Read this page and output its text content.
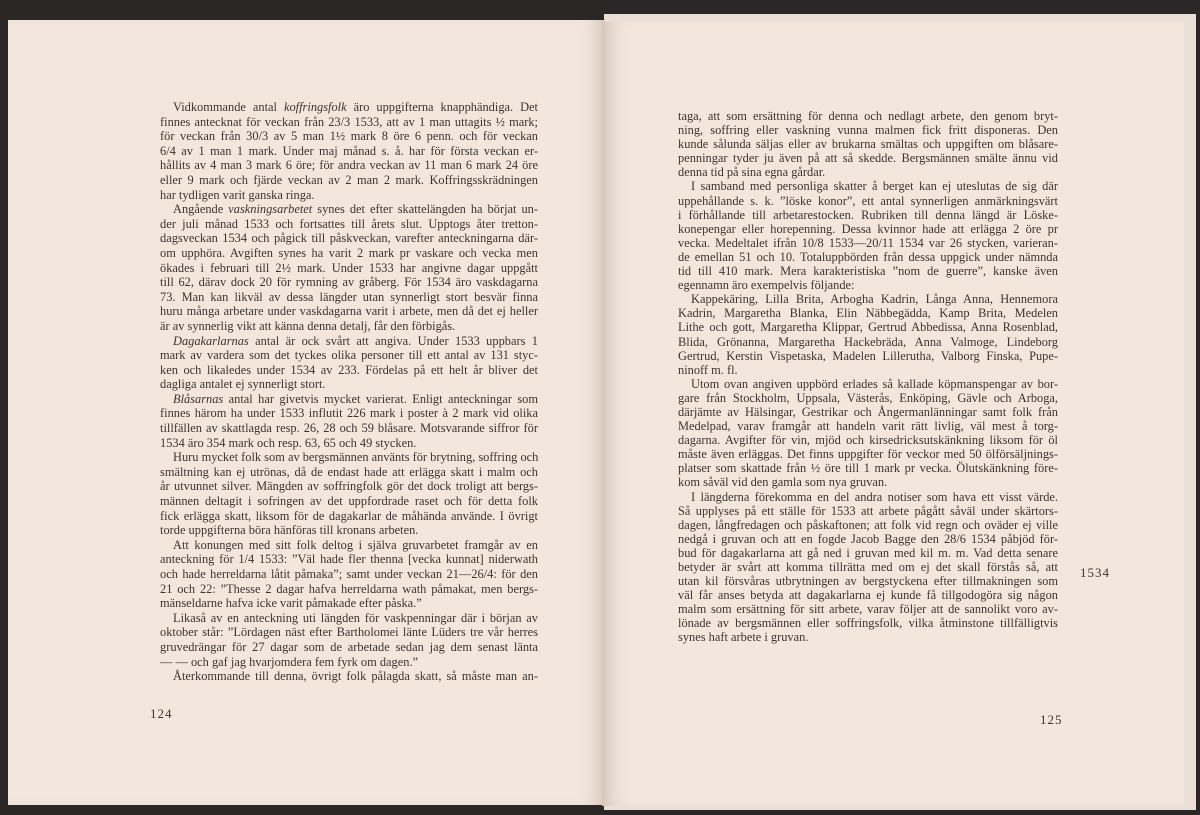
Vidkommande antal koffringsfolk äro uppgifterna knapphändiga. Det
finnes antecknat för veckan från 23/3 1533, att av 1 man uttagits ½ mark;
för veckan från 30/3 av 5 man 1½ mark 8 öre 6 penn. och för veckan
6/4 av 1 man 1 mark. Under maj månad s. å. har för första veckan er-
hållits av 4 man 3 mark 6 öre; för andra veckan av 11 man 6 mark 24 öre
eller 9 mark och fjärde veckan av 2 man 2 mark. Koffringsskrädningen
har tydligen varit ganska ringa.
Angående vaskningsarbetet synes det efter skattelängden ha börjat un-
der juli månad 1533 och fortsattes till årets slut. Upptogs åter tretton-
dagsveckan 1534 och pågick till påskveckan, varefter anteckningarna där-
om upphöra. Avgiften synes ha varit 2 mark pr vaskare och vecka men
ökades i februari till 2½ mark. Under 1533 har angivne dagar uppgått
till 62, därav dock 20 för rymning av gråberg. För 1534 äro vaskdagarna
73. Man kan likväl av dessa längder utan synnerligt stort besvär finna
huru många arbetare under vaskdagarna varit i arbete, men då det ej heller
är av synnerlig vikt att känna denna detalj, får den förbigås.
Dagakarlarnas antal är ock svårt att angiva. Under 1533 uppbars 1
mark av vardera som det tyckes olika personer till ett antal av 131 styc-
ken och likaledes under 1534 av 233. Fördelas på ett helt år bliver det
dagliga antalet ej synnerligt stort.
Blåsarnas antal har givetvis mycket varierat. Enligt anteckningar som
finnes härom ha under 1533 influtit 226 mark i poster à 2 mark vid olika
tillfällen av skattlagda resp. 26, 28 och 59 blåsare. Motsvarande siffror för
1534 äro 354 mark och resp. 63, 65 och 49 stycken.
Huru mycket folk som av bergsmännen använts för brytning, soffring och
smältning kan ej utrönas, då de endast hade att erlägga skatt i malm och
år utvunnet silver. Mängden av soffringfolk gör det dock troligt att bergs-
männen deltagit i sofringen av det uppfordrade raset och för detta folk
fick erlägga skatt, liksom för de dagakarlar de måhända använde. I övrigt
torde uppgifterna böra hänföras till kronans arbeten.
Att konungen med sitt folk deltog i själva gruvarbetet framgår av en
anteckning för 1/4 1533: ”Väl hade fler thenna [vecka kunnat] niderwath
och hade herreldarna låtit påmaka”; samt under veckan 21—26/4: för den
21 och 22: ”Thesse 2 dagar hafva herreldarna wath påmakat, men bergs-
mänseldarne hafva icke varit påmakade efter påska.”
Likaså av en anteckning uti längden för vaskpenningar där i början av
oktober står: ”Lördagen näst efter Bartholomei länte Lüders tre vår herres
gruvedrängar för 27 dagar som de arbetade sedan jag dem senast länta
— — och gaf jag hvarjomdera fem fyrk om dagen.”
Återkommande till denna, övrigt folk pålagda skatt, så måste man an-
taga, att som ersättning för denna och nedlagt arbete, den genom bryt-
ning, soffring eller vaskning vunna malmen fick fritt disponeras. Den
kunde sålunda säljas eller av brukarna smältas och uppgiften om blåsare-
penningar tyder ju även på att så skedde. Bergsmännen smälte ännu vid
denna tid på sina egna gårdar.
I samband med personliga skatter å berget kan ej uteslutas de sig där
uppehållande s. k. ”löske konor”, ett antal synnerligen anmärkningsvärt
i förhållande till arbetarestocken. Rubriken till denna längd är Löske-
konepengar eller horepenning. Dessa kvinnor hade att erlägga 2 öre pr
vecka. Medeltalet ifrån 10/8 1533—20/11 1534 var 26 stycken, varieran-
de emellan 51 och 10. Totaluppbörden från dessa uppgick under nämnda
tid till 410 mark. Mera karakteristiska ”nom de guerre”, kanske även
egennamn äro exempelvis följande:
Kappekäring, Lilla Brita, Arbogha Kadrin, Långa Anna, Hennemora
Kadrin, Margaretha Blanka, Elin Näbbegädda, Kamp Brita, Medelen
Lithe och gott, Margaretha Klippar, Gertrud Abbedissa, Anna Rosenblad,
Blida, Grönanna, Margaretha Hackebräda, Anna Valmoge, Lindeborg
Gertrud, Kerstin Vispetaska, Madelen Lillerutha, Valborg Finska, Pupe-
ninoff m. fl.
Utom ovan angiven uppbörd erlades så kallade köpmanspengar av bor-
gare från Stockholm, Uppsala, Västerås, Enköping, Gävle och Arboga,
därjämte av Hälsingar, Gestrikar och Ångermanlänningar samt folk från
Medelpad, varav framgår att handeln varit rätt livlig, väl mest å torg-
dagarna. Avgifter för vin, mjöd och kirsedricksutskänkning liksom för öl
måste även erläggas. Det finns uppgifter för veckor med 50 ölförsäljnings-
platser som skattade från ½ öre till 1 mark pr vecka. Ölutskänkning före-
kom såväl vid den gamla som nya gruvan.
I längderna förekomma en del andra notiser som hava ett visst värde.
Så upplyses på ett ställe för 1533 att arbete pågått såväl under skärtors-
dagen, långfredagen och påskaftonen; att folk vid regn och oväder ej ville
nedgå i gruvan och att en fogde Jacob Bagge den 28/6 1534 påbjöd för-
bud för dagakarlarna att gå ned i gruvan med kil m. m. Vad detta senare
betyder är svårt att komma tillrätta med om ej det skall förstås så, att
utan kil försvåras utbrytningen av bergstyckena efter tillmakningen som
väl får anses betyda att dagakarlarna ej kunde få tillgodogöra sig någon
malm som ersättning för sitt arbete, varav följer att de sannolikt voro av-
lönade av bergsmännen eller soffringsfolk, vilka åtminstone tillfälligtvis
synes haft arbete i gruvan.
124	125
1534
